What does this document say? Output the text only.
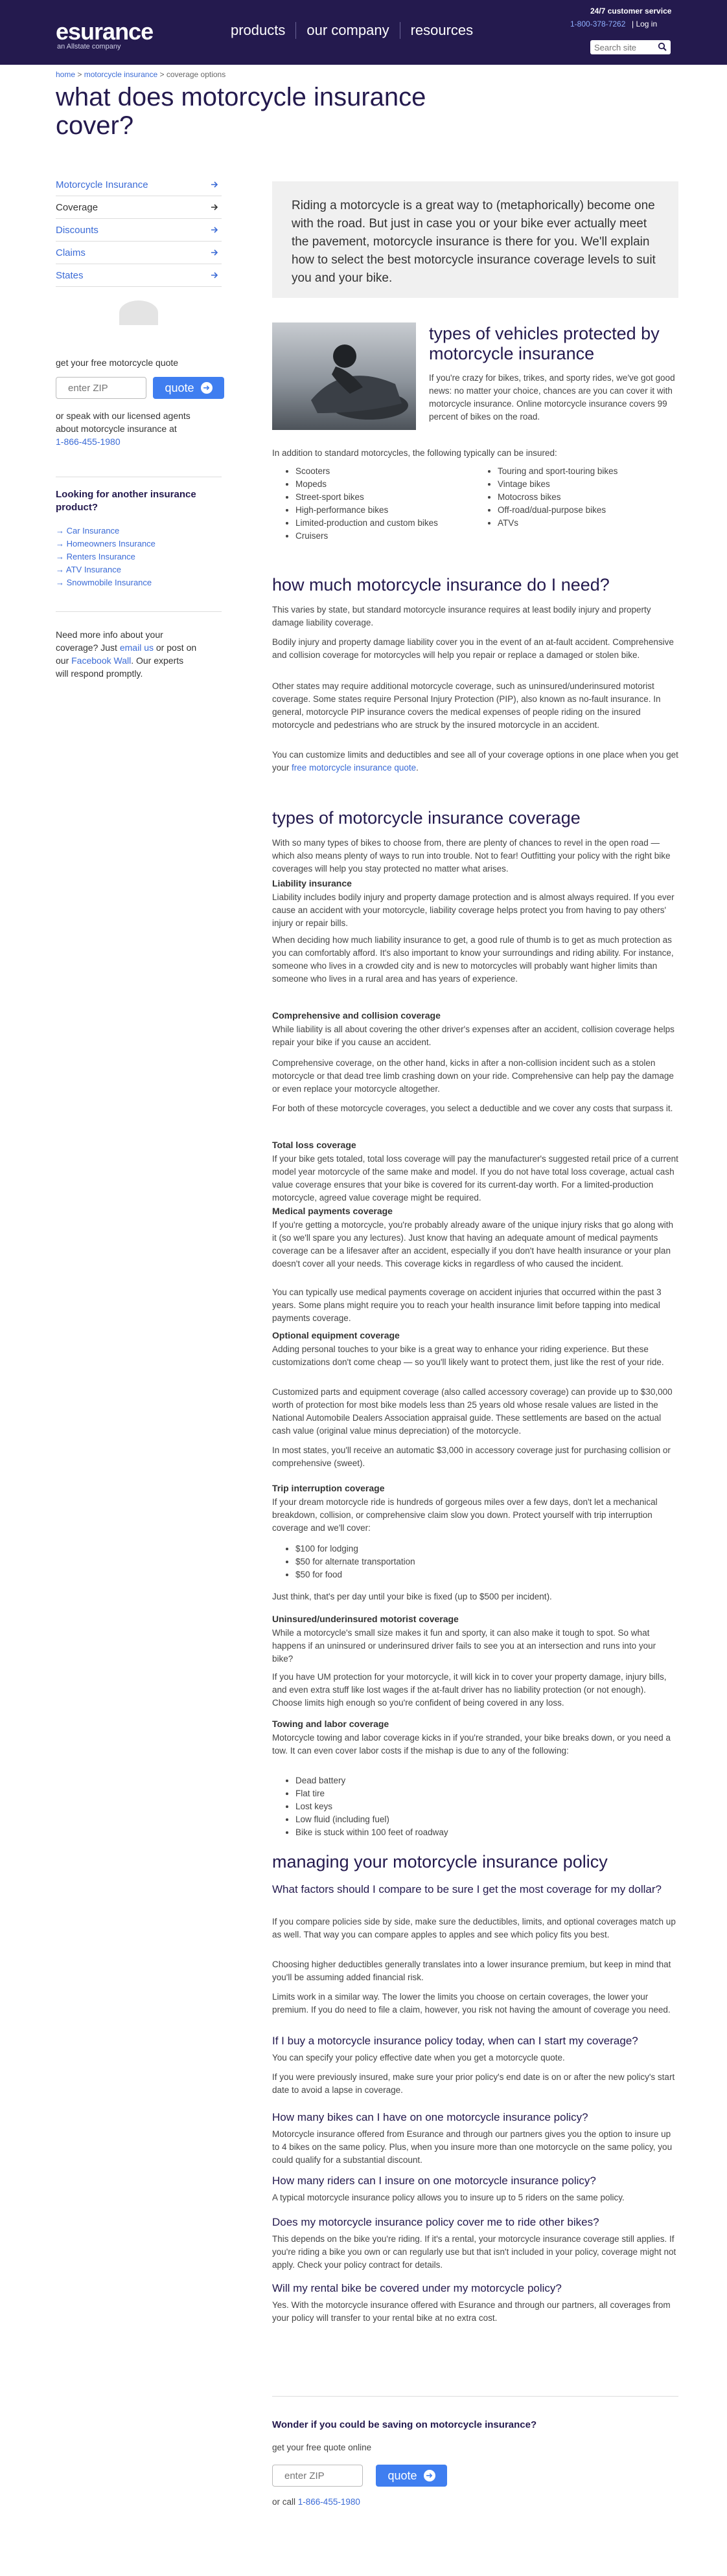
esurance
an Allstate company
products	our company	resources
24/7 customer service
1-800-378-7262 | Log in
Search site
home > motorcycle insurance > coverage options
what does motorcycle insurance cover?
Motorcycle Insurance
Coverage
Discounts
Claims
States
get your free motorcycle quote
enter ZIP
quote ➜
or speak with our licensed agents about motorcycle insurance at
1-866-455-1980
Looking for another insurance product?
→ Car Insurance
→ Homeowners Insurance
→ Renters Insurance
→ ATV Insurance
→ Snowmobile Insurance
Need more info about your coverage? Just email us or post on our Facebook Wall. Our experts will respond promptly.
Riding a motorcycle is a great way to (metaphorically) become one with the road. But just in case you or your bike ever actually meet the pavement, motorcycle insurance is there for you. We'll explain how to select the best motorcycle insurance coverage levels to suit you and your bike.
types of vehicles protected by motorcycle insurance

If you're crazy for bikes, trikes, and sporty rides, we've got good news: no matter your choice, chances are you can cover it with motorcycle insurance. Online motorcycle insurance covers 99 percent of bikes on the road.

In addition to standard motorcycles, the following typically can be insured:

• Scooters
• Mopeds
• Street-sport bikes
• High-performance bikes
• Limited-production and custom bikes
• Cruisers
• Touring and sport-touring bikes
• Vintage bikes
• Motocross bikes
• Off-road/dual-purpose bikes
• ATVs
how much motorcycle insurance do I need?

This varies by state, but standard motorcycle insurance requires at least bodily injury and property damage liability coverage.

Bodily injury and property damage liability cover you in the event of an at-fault accident. Comprehensive and collision coverage for motorcycles will help you repair or replace a damaged or stolen bike.

Other states may require additional motorcycle coverage, such as uninsured/underinsured motorist coverage. Some states require Personal Injury Protection (PIP), also known as no-fault insurance. In general, motorcycle PIP insurance covers the medical expenses of people riding on the insured motorcycle and pedestrians who are struck by the insured motorcycle in an accident.

You can customize limits and deductibles and see all of your coverage options in one place when you get your free motorcycle insurance quote.

types of motorcycle insurance coverage

With so many types of bikes to choose from, there are plenty of chances to revel in the open road — which also means plenty of ways to run into trouble. Not to fear! Outfitting your policy with the right bike coverages will help you stay protected no matter what arises.

Liability insurance

Liability includes bodily injury and property damage protection and is almost always required. If you ever cause an accident with your motorcycle, liability coverage helps protect you from having to pay others' injury or repair bills.

When deciding how much liability insurance to get, a good rule of thumb is to get as much protection as you can comfortably afford. It's also important to know your surroundings and riding ability. For instance, someone who lives in a crowded city and is new to motorcycles will probably want higher limits than someone who lives in a rural area and has years of experience.

Comprehensive and collision coverage

While liability is all about covering the other driver's expenses after an accident, collision coverage helps repair your bike if you cause an accident.

Comprehensive coverage, on the other hand, kicks in after a non-collision incident such as a stolen motorcycle or that dead tree limb crashing down on your ride. Comprehensive can help pay the damage or even replace your motorcycle altogether.

For both of these motorcycle coverages, you select a deductible and we cover any costs that surpass it.

Total loss coverage

If your bike gets totaled, total loss coverage will pay the manufacturer's suggested retail price of a current model year motorcycle of the same make and model. If you do not have total loss coverage, actual cash value coverage ensures that your bike is covered for its current-day worth. For a limited-production motorcycle, agreed value coverage might be required.

Medical payments coverage

If you're getting a motorcycle, you're probably already aware of the unique injury risks that go along with it (so we'll spare you any lectures). Just know that having an adequate amount of medical payments coverage can be a lifesaver after an accident, especially if you don't have health insurance or your plan doesn't cover all your needs. This coverage kicks in regardless of who caused the incident.

You can typically use medical payments coverage on accident injuries that occurred within the past 3 years. Some plans might require you to reach your health insurance limit before tapping into medical payments coverage.

Optional equipment coverage

Adding personal touches to your bike is a great way to enhance your riding experience. But these customizations don't come cheap — so you'll likely want to protect them, just like the rest of your ride.

Customized parts and equipment coverage (also called accessory coverage) can provide up to $30,000 worth of protection for most bike models less than 25 years old whose resale values are listed in the National Automobile Dealers Association appraisal guide. These settlements are based on the actual cash value (original value minus depreciation) of the motorcycle.

In most states, you'll receive an automatic $3,000 in accessory coverage just for purchasing collision or comprehensive (sweet).

Trip interruption coverage

If your dream motorcycle ride is hundreds of gorgeous miles over a few days, don't let a mechanical breakdown, collision, or comprehensive claim slow you down. Protect yourself with trip interruption coverage and we'll cover:

• $100 for lodging
• $50 for alternate transportation
• $50 for food

Just think, that's per day until your bike is fixed (up to $500 per incident).

Uninsured/underinsured motorist coverage

While a motorcycle's small size makes it fun and sporty, it can also make it tough to spot. So what happens if an uninsured or underinsured driver fails to see you at an intersection and runs into your bike?

If you have UM protection for your motorcycle, it will kick in to cover your property damage, injury bills, and even extra stuff like lost wages if the at-fault driver has no liability protection (or not enough). Choose limits high enough so you're confident of being covered in any loss.

Towing and labor coverage

Motorcycle towing and labor coverage kicks in if you're stranded, your bike breaks down, or you need a tow. It can even cover labor costs if the mishap is due to any of the following:

• Dead battery
• Flat tire
• Lost keys
• Low fluid (including fuel)
• Bike is stuck within 100 feet of roadway
managing your motorcycle insurance policy
What factors should I compare to be sure I get the most coverage for my dollar?

If you compare policies side by side, make sure the deductibles, limits, and optional coverages match up as well. That way you can compare apples to apples and see which policy fits you best.

Choosing higher deductibles generally translates into a lower insurance premium, but keep in mind that you'll be assuming added financial risk.

Limits work in a similar way. The lower the limits you choose on certain coverages, the lower your premium. If you do need to file a claim, however, you risk not having the amount of coverage you need.

If I buy a motorcycle insurance policy today, when can I start my coverage?

You can specify your policy effective date when you get a motorcycle quote.

If you were previously insured, make sure your prior policy's end date is on or after the new policy's start date to avoid a lapse in coverage.

How many bikes can I have on one motorcycle insurance policy?

Motorcycle insurance offered from Esurance and through our partners gives you the option to insure up to 4 bikes on the same policy. Plus, when you insure more than one motorcycle on the same policy, you could qualify for a substantial discount.

How many riders can I insure on one motorcycle insurance policy?

A typical motorcycle insurance policy allows you to insure up to 5 riders on the same policy.

Does my motorcycle insurance policy cover me to ride other bikes?

This depends on the bike you're riding. If it's a rental, your motorcycle insurance coverage still applies. If you're riding a bike you own or can regularly use but that isn't included in your policy, coverage might not apply. Check your policy contract for details.

Will my rental bike be covered under my motorcycle policy?

Yes. With the motorcycle insurance offered with Esurance and through our partners, all coverages from your policy will transfer to your rental bike at no extra cost.

Wonder if you could be saving on motorcycle insurance?
get your free quote online
enter ZIP
quote ➜
or call 1-866-455-1980
